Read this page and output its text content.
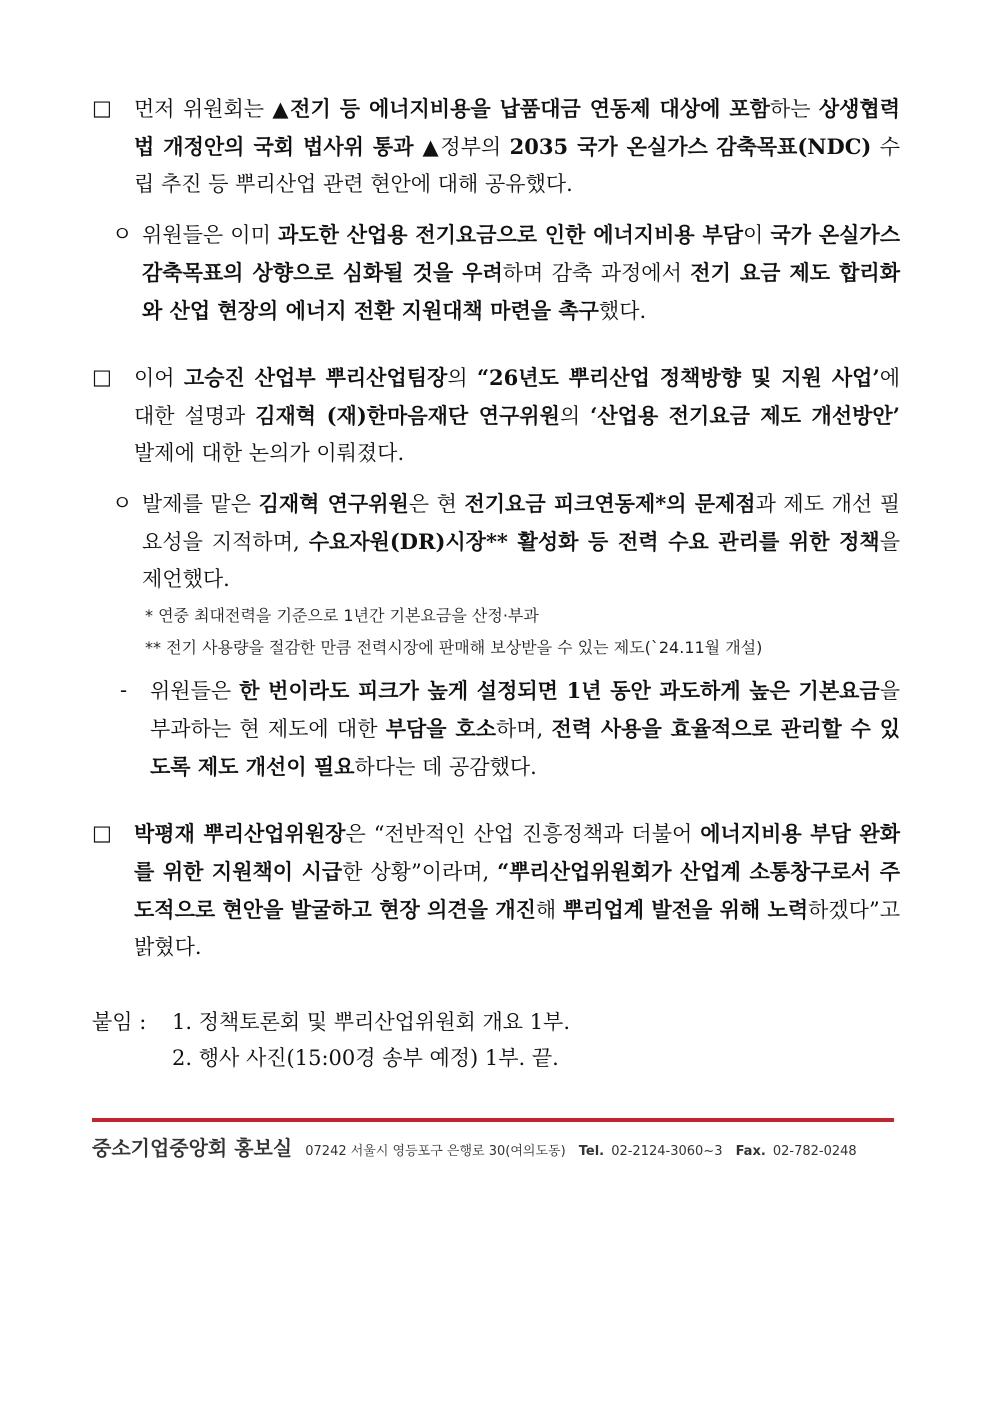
□	먼저 위원회는 ▲전기 등 에너지비용을 납품대금 연동제 대상에 포함하는 상생협력법 개정안의 국회 법사위 통과 ▲정부의 2035 국가 온실가스 감축목표(NDC) 수립 추진 등 뿌리산업 관련 현안에 대해 공유했다.
ㅇ 위원들은 이미 과도한 산업용 전기요금으로 인한 에너지비용 부담이 국가 온실가스 감축목표의 상향으로 심화될 것을 우려하며 감축 과정에서 전기 요금 제도 합리화와 산업 현장의 에너지 전환 지원대책 마련을 촉구했다.
□	이어 고승진 산업부 뿌리산업팀장의 “26년도 뿌리산업 정책방향 및 지원 사업’에 대한 설명과 김재혁 (재)한마음재단 연구위원의 ‘산업용 전기요금 제도 개선방안’ 발제에 대한 논의가 이뤄졌다.
ㅇ 발제를 맡은 김재혁 연구위원은 현 전기요금 피크연동제*의 문제점과 제도 개선 필요성을 지적하며, 수요자원(DR)시장** 활성화 등 전력 수요 관리를 위한 정책을 제언했다.
* 연중 최대전력을 기준으로 1년간 기본요금을 산정·부과
** 전기 사용량을 절감한 만큼 전력시장에 판매해 보상받을 수 있는 제도(`24.11월 개설)
-	위원들은 한 번이라도 피크가 높게 설정되면 1년 동안 과도하게 높은 기본요금을 부과하는 현 제도에 대한 부담을 호소하며, 전력 사용을 효율적으로 관리할 수 있도록 제도 개선이 필요하다는 데 공감했다.
□	박평재 뿌리산업위원장은 “전반적인 산업 진흥정책과 더불어 에너지비용 부담 완화를 위한 지원책이 시급한 상황”이라며, “뿌리산업위원회가 산업계 소통창구로서 주도적으로 현안을 발굴하고 현장 의견을 개진해 뿌리업계 발전을 위해 노력하겠다”고 밝혔다.
붙임 : 1. 정책토론회 및 뿌리산업위원회 개요 1부.
2. 행사 사진(15:00경 송부 예정) 1부. 끝.
중소기업중앙회 홍보실 07242 서울시 영등포구 은행로 30(여의도동) Tel. 02-2124-3060~3 Fax. 02-782-0248
